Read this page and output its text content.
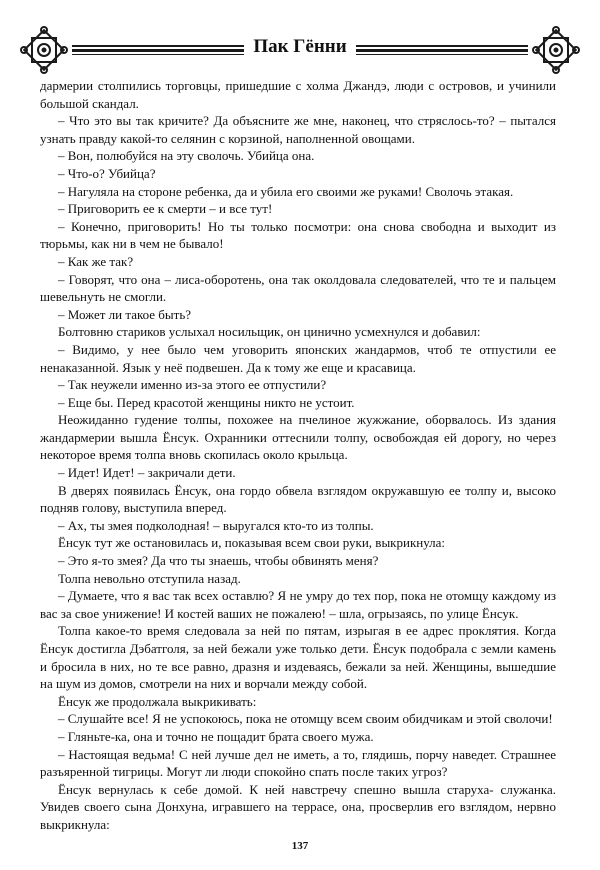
Пак Гённи

дармерии столпились торговцы, пришедшие с холма Джандэ, люди с островов, и учинили большой скандал.

– Что это вы так кричите? Да объясните же мне, наконец, что стряслось-то? – пытался узнать правду какой-то селянин с корзиной, наполненной овощами.

– Вон, полюбуйся на эту сволочь. Убийца она.

– Что-о? Убийца?

– Нагуляла на стороне ребенка, да и убила его своими же руками! Сволочь этакая.

– Приговорить ее к смерти – и все тут!

– Конечно, приговорить! Но ты только посмотри: она снова свободна и выходит из тюрьмы, как ни в чем не бывало!

– Как же так?

– Говорят, что она – лиса-оборотень, она так околдовала следователей, что те и пальцем шевельнуть не смогли.

– Может ли такое быть?

Болтовню стариков услыхал носильщик, он цинично усмехнулся и добавил:

– Видимо, у нее было чем уговорить японских жандармов, чтоб те отпустили ее ненаказанной. Язык у неё подвешен. Да к тому же еще и красавица.

– Так неужели именно из-за этого ее отпустили?

– Еще бы. Перед красотой женщины никто не устоит.

Неожиданно гудение толпы, похожее на пчелиное жужжание, оборвалось. Из здания жандармерии вышла Ёнсук. Охранники оттеснили толпу, освобождая ей дорогу, но через некоторое время толпа вновь скопилась около крыльца.

– Идет! Идет! – закричали дети.

В дверях появилась Ёнсук, она гордо обвела взглядом окружавшую ее толпу и, высоко подняв голову, выступила вперед.

– Ах, ты змея подколодная! – выругался кто-то из толпы.

Ёнсук тут же остановилась и, показывая всем свои руки, выкрикнула:

– Это я-то змея? Да что ты знаешь, чтобы обвинять меня?

Толпа невольно отступила назад.

– Думаете, что я вас так всех оставлю? Я не умру до тех пор, пока не отомщу каждому из вас за свое унижение! И костей ваших не пожалею! – шла, огрызаясь, по улице Ёнсук.

Толпа какое-то время следовала за ней по пятам, изрыгая в ее адрес проклятия. Когда Ёнсук достигла Дэбатголя, за ней бежали уже только дети. Ёнсук подобрала с земли камень и бросила в них, но те все равно, дразня и издеваясь, бежали за ней. Женщины, вышедшие на шум из домов, смотрели на них и ворчали между собой.

Ёнсук же продолжала выкрикивать:

– Слушайте все! Я не успокоюсь, пока не отомщу всем своим обидчикам и этой сволочи!

– Гляньте-ка, она и точно не пощадит брата своего мужа.

– Настоящая ведьма! С ней лучше дел не иметь, а то, глядишь, порчу наведет. Страшнее разъяренной тигрицы. Могут ли люди спокойно спать после таких угроз?

Ёнсук вернулась к себе домой. К ней навстречу спешно вышла старуха- служанка. Увидев своего сына Донхуна, игравшего на террасе, она, просверлив его взглядом, нервно выкрикнула:

137
